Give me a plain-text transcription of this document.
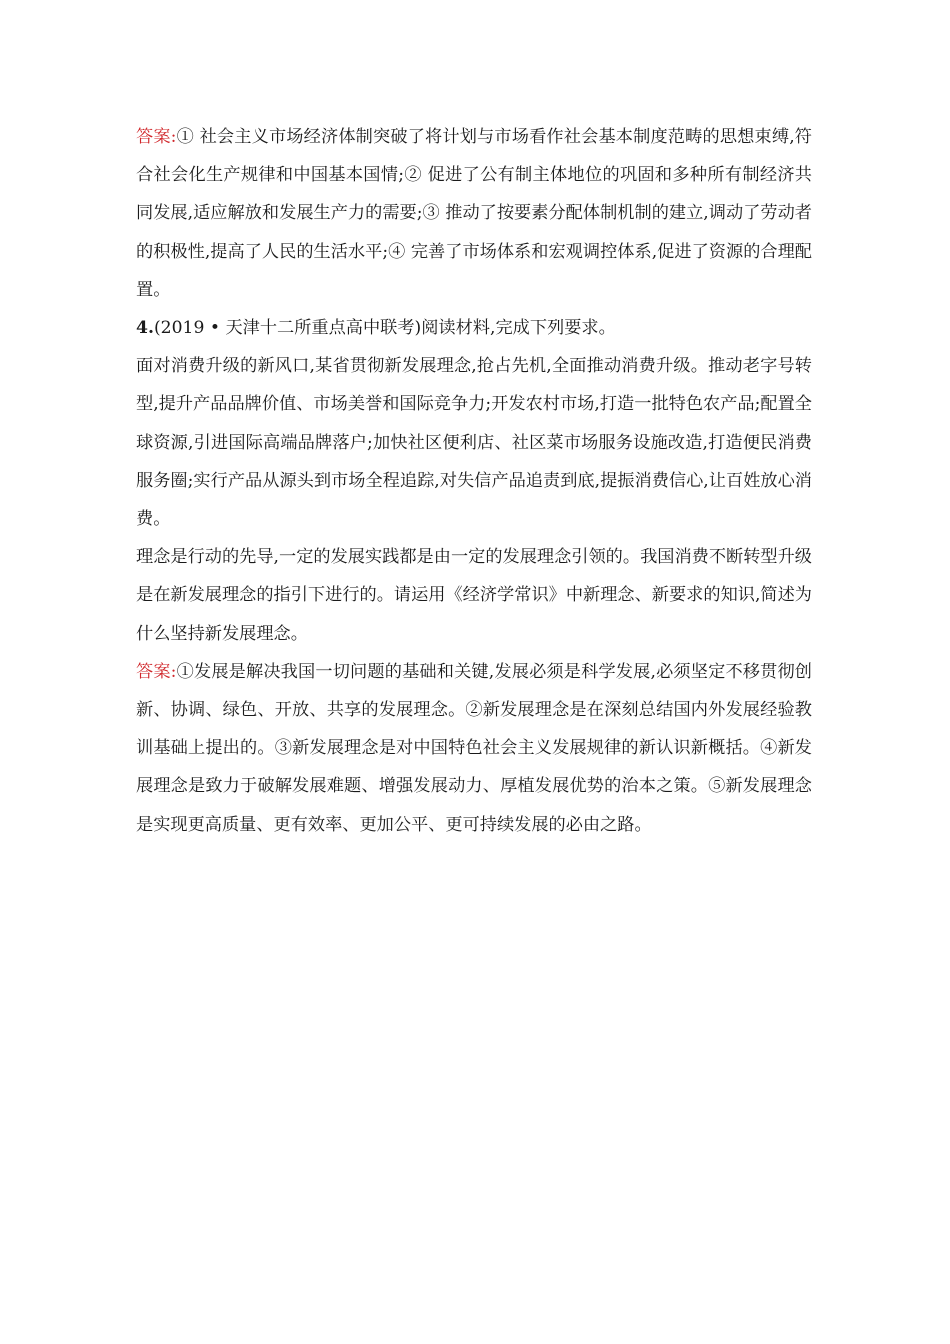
答案:① 社会主义市场经济体制突破了将计划与市场看作社会基本制度范畴的思想束缚,符合社会化生产规律和中国基本国情;② 促进了公有制主体地位的巩固和多种所有制经济共同发展,适应解放和发展生产力的需要;③ 推动了按要素分配体制机制的建立,调动了劳动者的积极性,提高了人民的生活水平;④ 完善了市场体系和宏观调控体系,促进了资源的合理配置。

4.(2019 • 天津十二所重点高中联考)阅读材料,完成下列要求。

面对消费升级的新风口,某省贯彻新发展理念,抢占先机,全面推动消费升级。推动老字号转型,提升产品品牌价值、市场美誉和国际竞争力;开发农村市场,打造一批特色农产品;配置全球资源,引进国际高端品牌落户;加快社区便利店、社区菜市场服务设施改造,打造便民消费服务圈;实行产品从源头到市场全程追踪,对失信产品追责到底,提振消费信心,让百姓放心消费。

理念是行动的先导,一定的发展实践都是由一定的发展理念引领的。我国消费不断转型升级是在新发展理念的指引下进行的。请运用《经济学常识》中新理念、新要求的知识,简述为什么坚持新发展理念。

答案:①发展是解决我国一切问题的基础和关键,发展必须是科学发展,必须坚定不移贯彻创新、协调、绿色、开放、共享的发展理念。②新发展理念是在深刻总结国内外发展经验教训基础上提出的。③新发展理念是对中国特色社会主义发展规律的新认识新概括。④新发展理念是致力于破解发展难题、增强发展动力、厚植发展优势的治本之策。⑤新发展理念是实现更高质量、更有效率、更加公平、更可持续发展的必由之路。
